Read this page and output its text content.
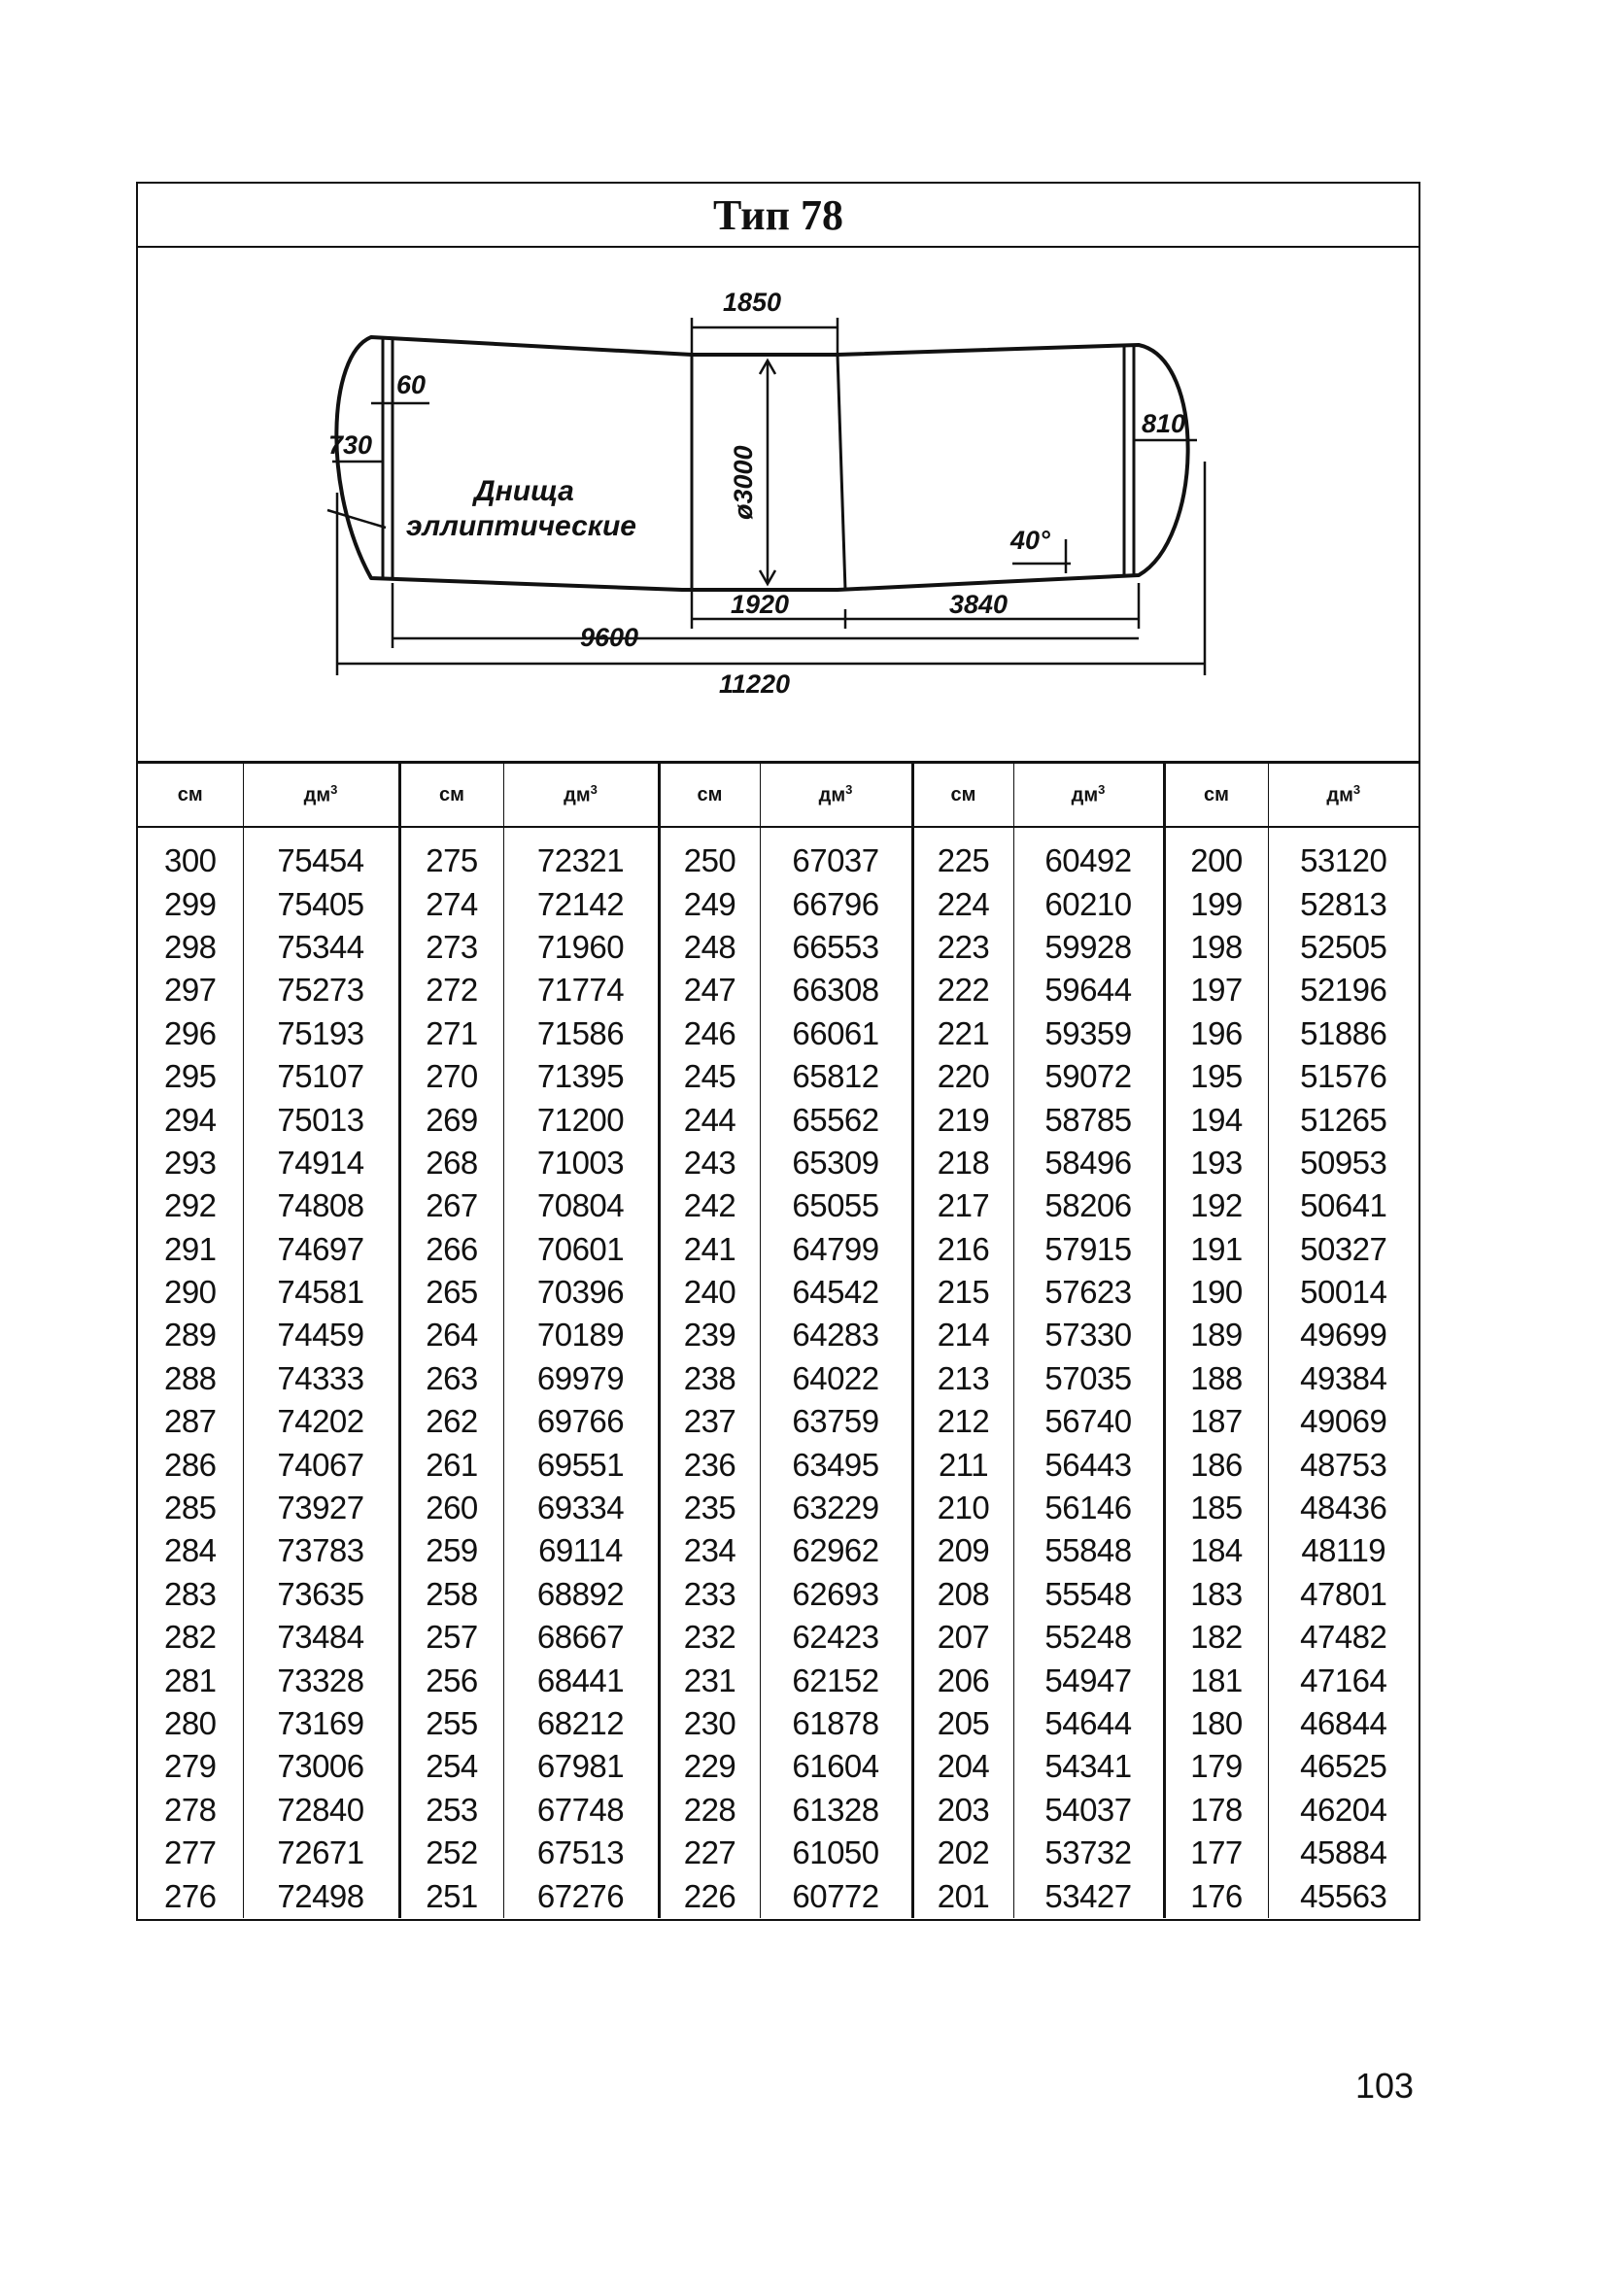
Тип 78
1850
60
730
810
ø3000
40°
1920	3840
9600
11220
Днища
эллиптические
см	$дм^3$	см	$дм^3$	см	$дм^3$	см	$дм^3$	см	$дм^3$
300	75454	275	72321	250	67037	225	60492	200	53120
299	75405	274	72142	249	66796	224	60210	199	52813
298	75344	273	71960	248	66553	223	59928	198	52505
297	75273	272	71774	247	66308	222	59644	197	52196
296	75193	271	71586	246	66061	221	59359	196	51886
295	75107	270	71395	245	65812	220	59072	195	51576
294	75013	269	71200	244	65562	219	58785	194	51265
293	74914	268	71003	243	65309	218	58496	193	50953
292	74808	267	70804	242	65055	217	58206	192	50641
291	74697	266	70601	241	64799	216	57915	191	50327
290	74581	265	70396	240	64542	215	57623	190	50014
289	74459	264	70189	239	64283	214	57330	189	49699
288	74333	263	69979	238	64022	213	57035	188	49384
287	74202	262	69766	237	63759	212	56740	187	49069
286	74067	261	69551	236	63495	211	56443	186	48753
285	73927	260	69334	235	63229	210	56146	185	48436
284	73783	259	69114	234	62962	209	55848	184	48119
283	73635	258	68892	233	62693	208	55548	183	47801
282	73484	257	68667	232	62423	207	55248	182	47482
281	73328	256	68441	231	62152	206	54947	181	47164
280	73169	255	68212	230	61878	205	54644	180	46844
279	73006	254	67981	229	61604	204	54341	179	46525
278	72840	253	67748	228	61328	203	54037	178	46204
277	72671	252	67513	227	61050	202	53732	177	45884
276	72498	251	67276	226	60772	201	53427	176	45563
103
